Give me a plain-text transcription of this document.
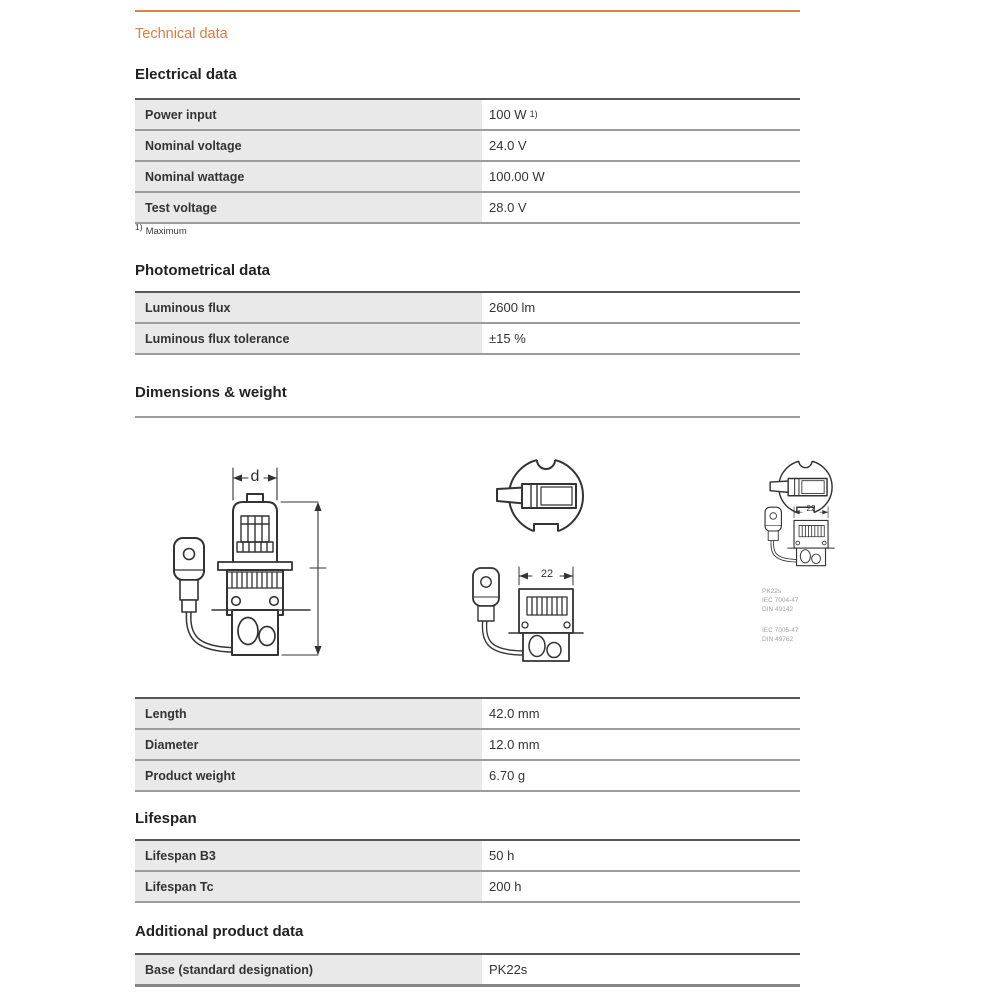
Technical data
Electrical data
Power input	100 W $^{1)}$
Nominal voltage	24.0 V
Nominal wattage	100.00 W
Test voltage	28.0 V
$^{1)}$ Maximum
Photometrical data
Luminous flux	2600 lm
Luminous flux tolerance	±15 %
Dimensions & weight
d
22
22
PK22s
IEC 7004-47
DIN 49142
IEC 7005-47
DIN 49762
Length	42.0 mm
Diameter	12.0 mm
Product weight	6.70 g
Lifespan
Lifespan B3	50 h
Lifespan Tc	200 h
Additional product data
Base (standard designation)	PK22s
